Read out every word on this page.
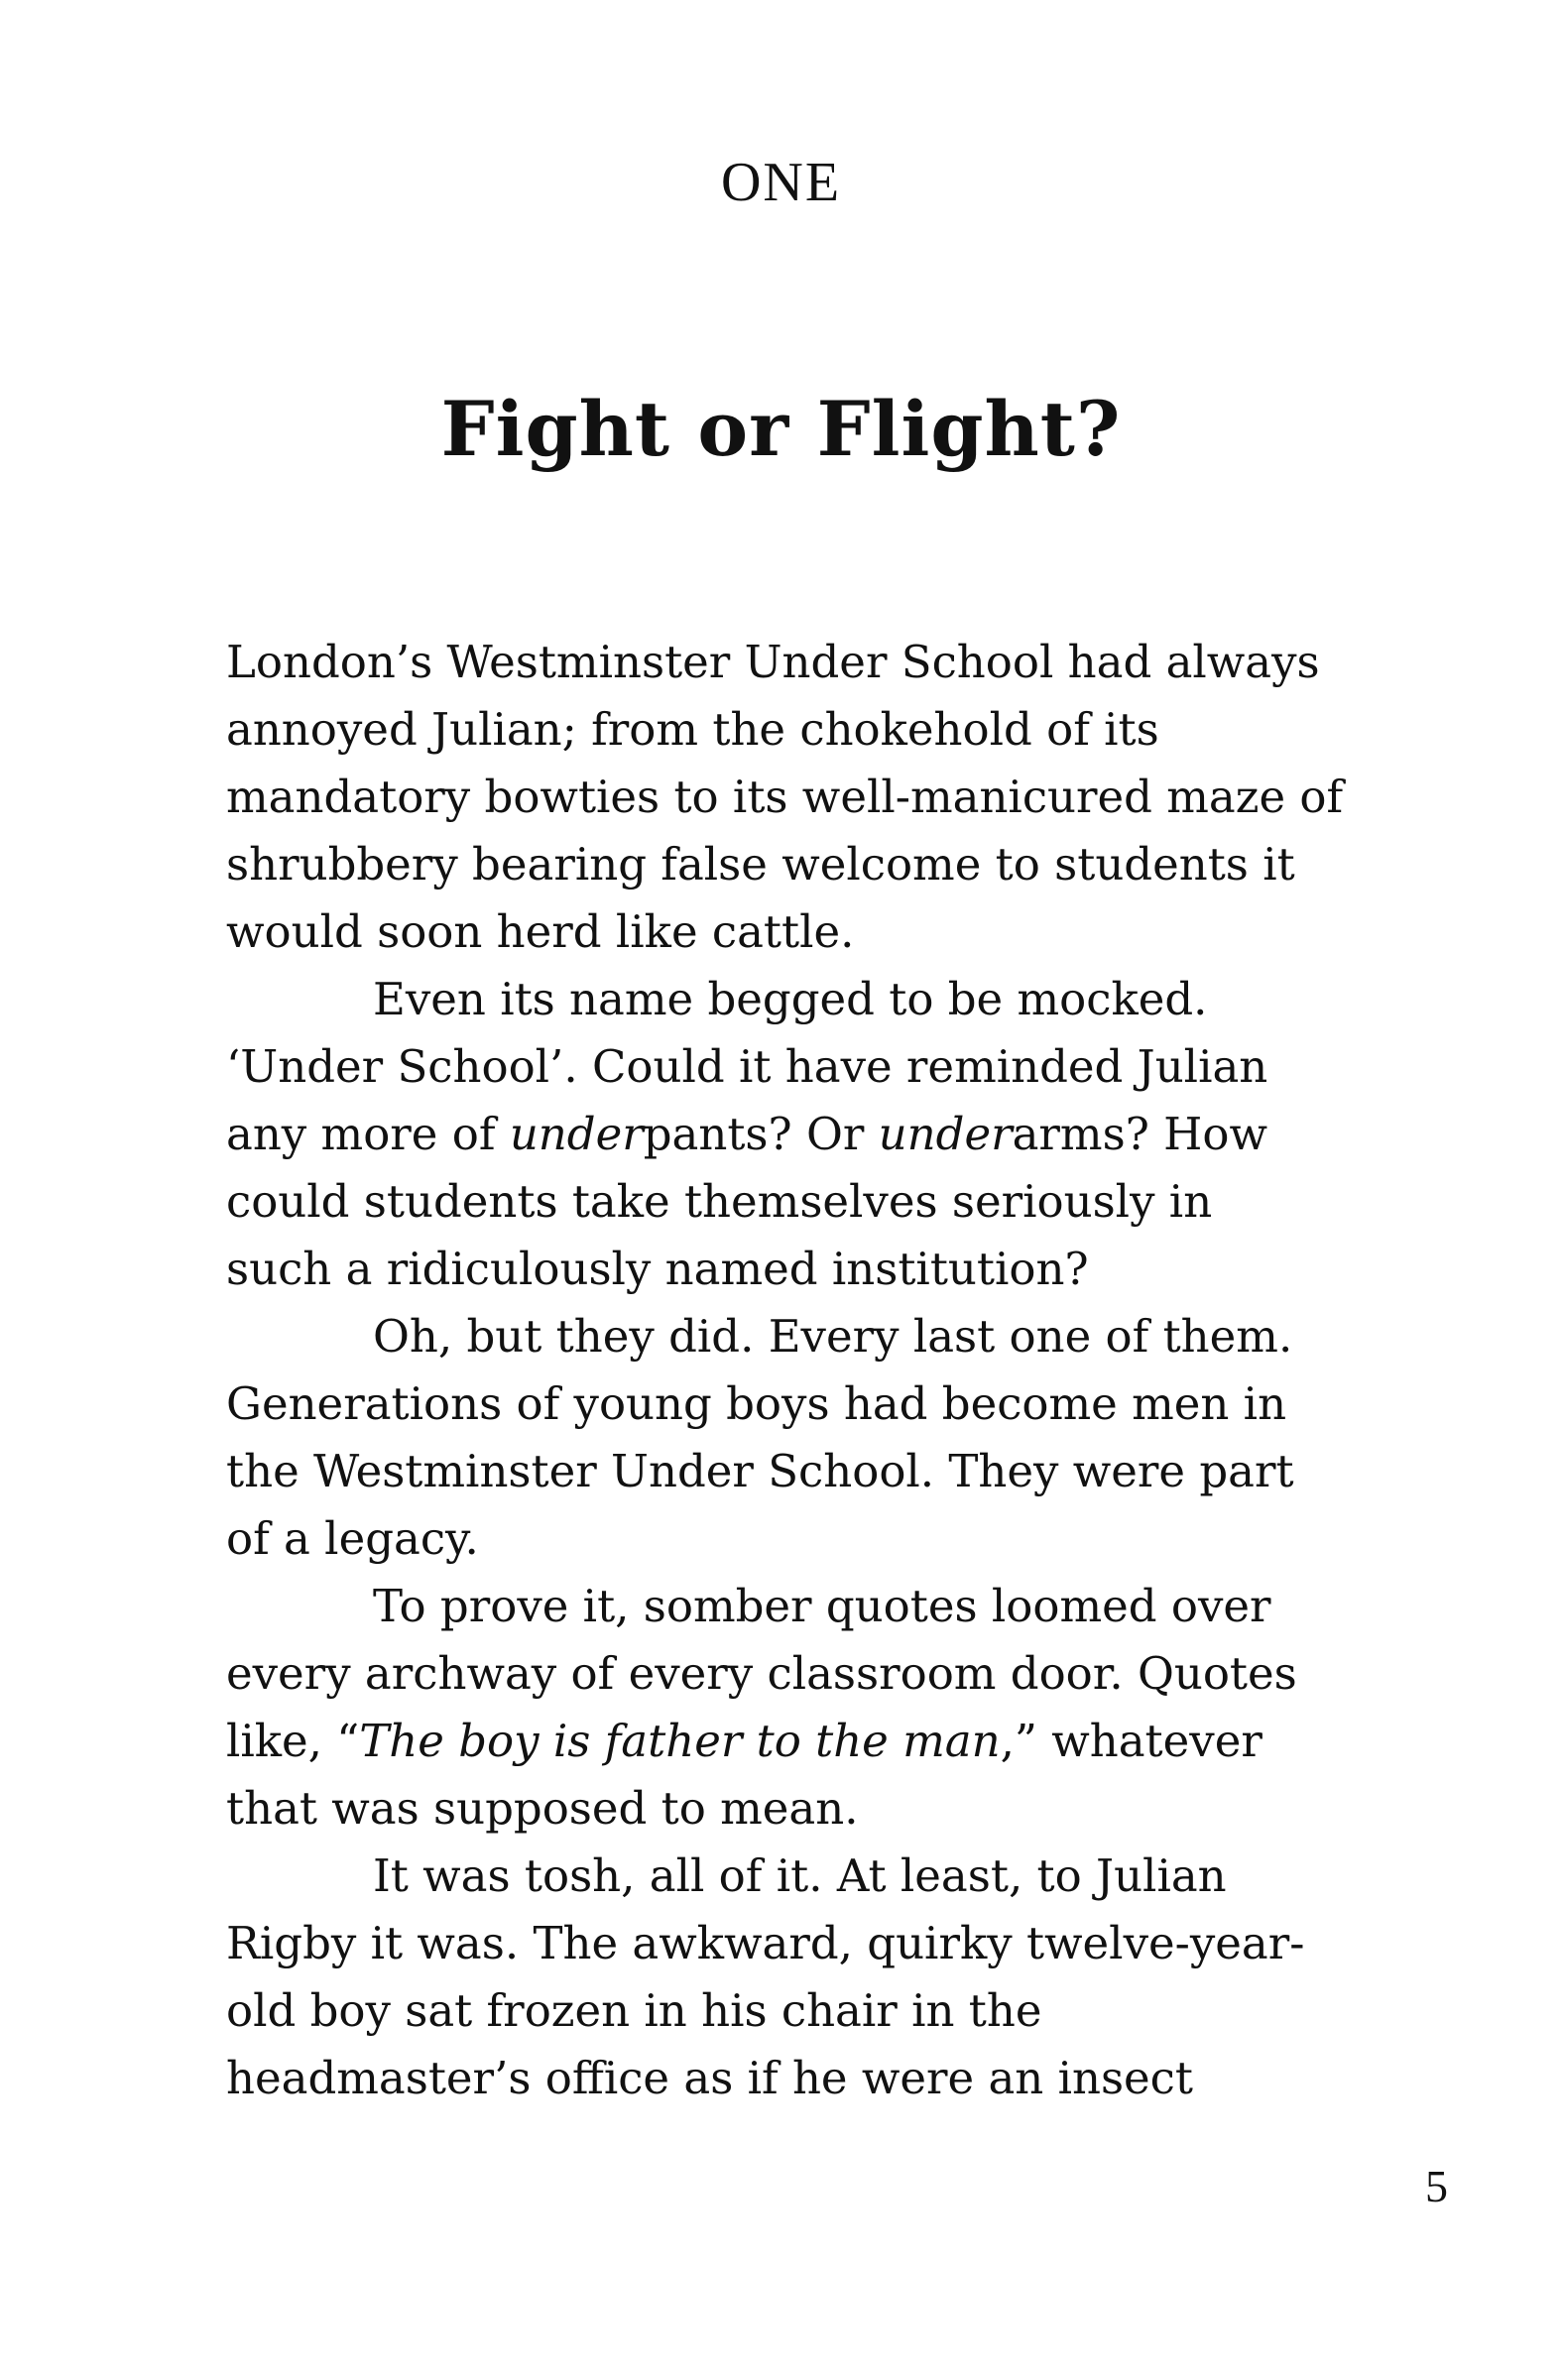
ONE
Fight or Flight?

London’s Westminster Under School had always
annoyed Julian; from the chokehold of its
mandatory bowties to its well-manicured maze of
shrubbery bearing false welcome to students it
would soon herd like cattle.

Even its name begged to be mocked.
‘Under School’. Could it have reminded Julian
any more of underpants? Or underarms? How
could students take themselves seriously in
such a ridiculously named institution?

Oh, but they did. Every last one of them.
Generations of young boys had become men in
the Westminster Under School. They were part
of a legacy.

To prove it, somber quotes loomed over
every archway of every classroom door. Quotes
like, “The boy is father to the man,” whatever
that was supposed to mean.

It was tosh, all of it. At least, to Julian
Rigby it was. The awkward, quirky twelve-year-
old boy sat frozen in his chair in the
headmaster’s office as if he were an insect

5
